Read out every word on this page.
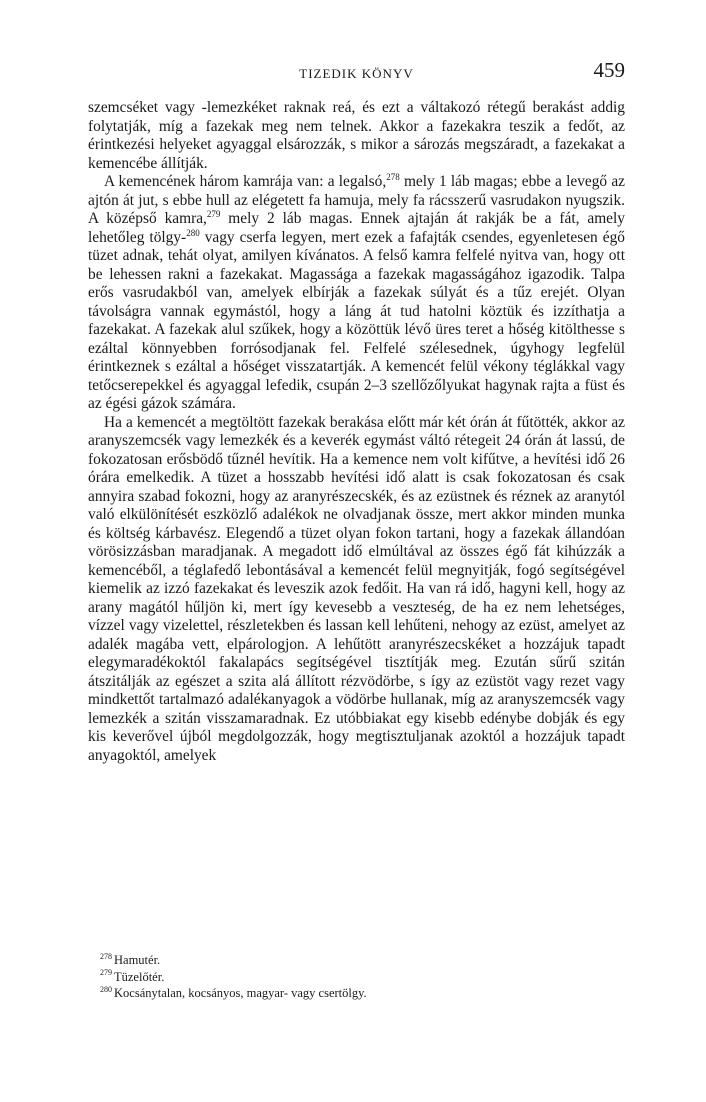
TIZEDIK KÖNYV	459

szemcséket vagy -lemezkéket raknak reá, és ezt a váltakozó rétegű berakást addig folytatják, míg a fazekak meg nem telnek. Akkor a fazekakra teszik a fedőt, az érintkezési helyeket agyaggal elsározzák, s mikor a sározás megszáradt, a fazekakat a kemencébe állítják.

A kemencének három kamrája van: a legalsó,$^{278}$ mely 1 láb magas; ebbe a levegő az ajtón át jut, s ebbe hull az elégetett fa hamuja, mely fa rácsszerű vasrudakon nyugszik. A középső kamra,$^{279}$ mely 2 láb magas. Ennek ajtaján át rakják be a fát, amely lehetőleg tölgy-$^{280}$ vagy cserfa legyen, mert ezek a fafajták csendes, egyenletesen égő tüzet adnak, tehát olyat, amilyen kívánatos. A felső kamra felfelé nyitva van, hogy ott be lehessen rakni a fazekakat. Magassága a fazekak magasságához igazodik. Talpa erős vasrudakból van, amelyek elbírják a fazekak súlyát és a tűz erejét. Olyan távolságra vannak egymástól, hogy a láng át tud hatolni köztük és izzíthatja a fazekakat. A fazekak alul szűkek, hogy a közöttük lévő üres teret a hőség kitölthesse s ezáltal könnyebben forrósodjanak fel. Felfelé szélesednek, úgyhogy legfelül érintkeznek s ezáltal a hőséget visszatartják. A kemencét felül vékony téglákkal vagy tetőcserepekkel és agyaggal lefedik, csupán 2–3 szellőzőlyukat hagynak rajta a füst és az égési gázok számára.

Ha a kemencét a megtöltött fazekak berakása előtt már két órán át fűtötték, akkor az aranyszemcsék vagy lemezkék és a keverék egymást váltó rétegeit 24 órán át lassú, de fokozatosan erősbödő tűznél hevítik. Ha a kemence nem volt kifűtve, a hevítési idő 26 órára emelkedik. A tüzet a hosszabb hevítési idő alatt is csak fokozatosan és csak annyira szabad fokozni, hogy az aranyrészecskék, és az ezüstnek és réznek az aranytól való elkülönítését eszközlő adalékok ne olvadjanak össze, mert akkor minden munka és költség kárbavész. Elegendő a tüzet olyan fokon tartani, hogy a fazekak állandóan vörösizzásban maradjanak. A megadott idő elmúltával az összes égő fát kihúzzák a kemencéből, a téglafedő lebontásával a kemencét felül megnyitják, fogó segítségével kiemelik az izzó fazekakat és leveszik azok fedőit. Ha van rá idő, hagyni kell, hogy az arany magától hűljön ki, mert így kevesebb a veszteség, de ha ez nem lehetséges, vízzel vagy vizelettel, részletekben és lassan kell lehűteni, nehogy az ezüst, amelyet az adalék magába vett, elpárologjon. A lehűtött aranyrészecskéket a hozzájuk tapadt elegymaradékoktól fakalapács segítségével tisztítják meg. Ezután sűrű szitán átszitálják az egészet a szita alá állított rézvödörbe, s így az ezüstöt vagy rezet vagy mindkettőt tartalmazó adalékanyagok a vödörbe hullanak, míg az aranyszemcsék vagy lemezkék a szitán visszamaradnak. Ez utóbbiakat egy kisebb edénybe dobják és egy kis keverővel újból megdolgozzák, hogy megtisztuljanak azoktól a hozzájuk tapadt anyagoktól, amelyek

$^{278}$ Hamutér.
$^{279}$ Tüzelőtér.
$^{280}$ Kocsánytalan, kocsányos, magyar- vagy csertölgy.
